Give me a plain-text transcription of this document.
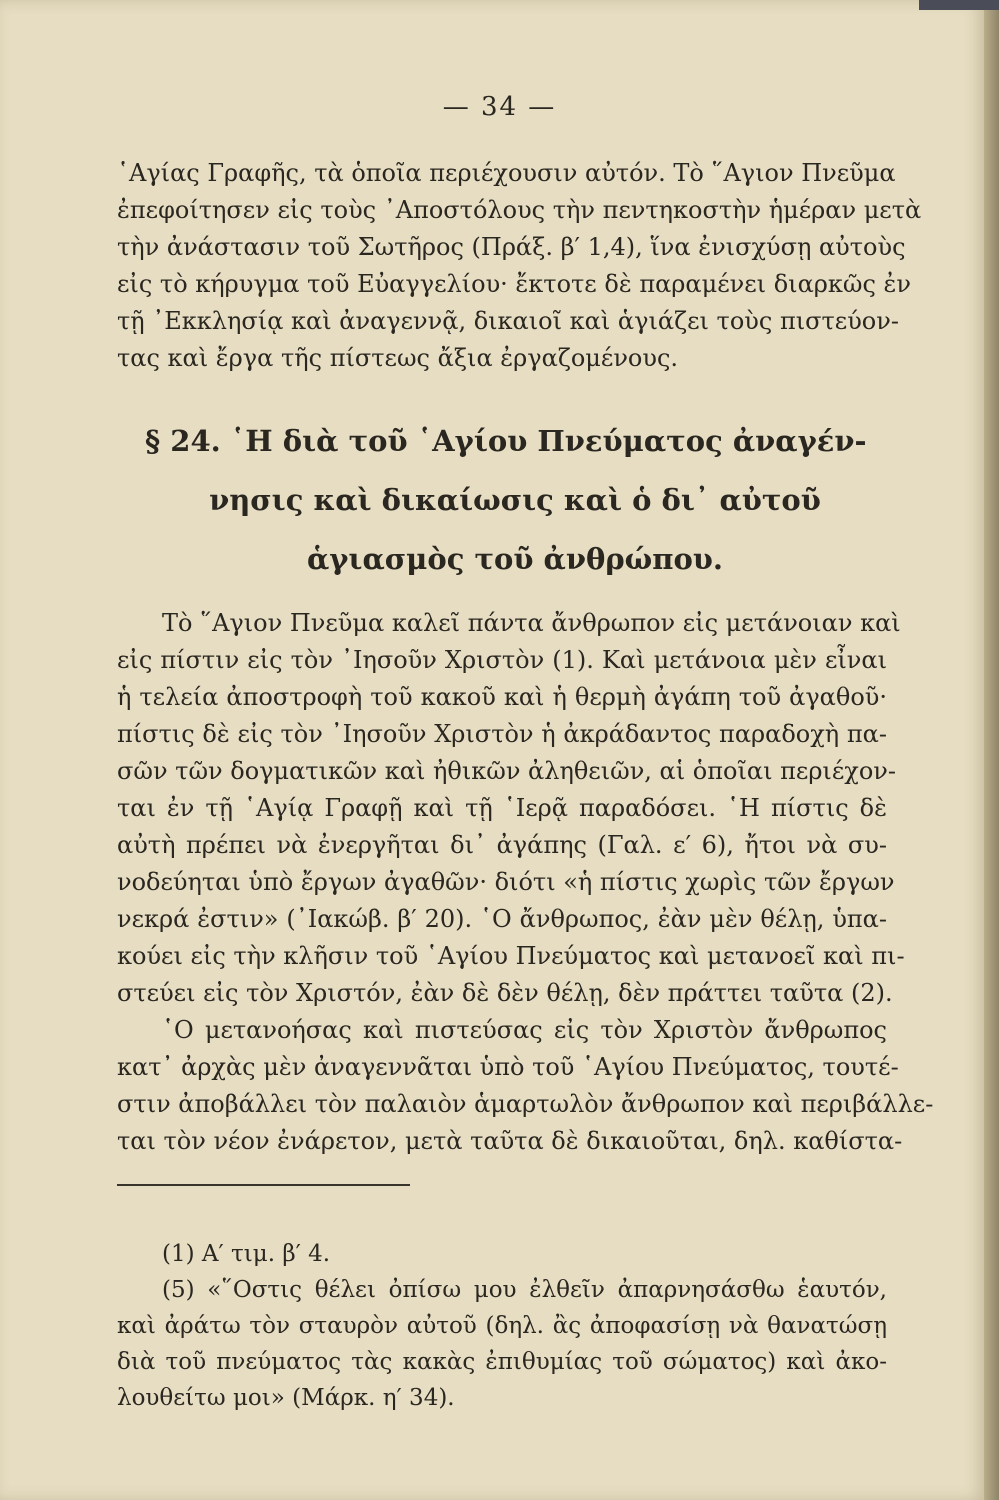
— 34 —
῾Αγίας Γραφῆς, τὰ ὁποῖα περιέχουσιν αὐτόν. Τὸ ῞Αγιον Πνεῦμα
ἐπεφοίτησεν εἰς τοὺς ᾿Αποστόλους τὴν πεντηκοστὴν ἡμέραν μετὰ
τὴν ἀνάστασιν τοῦ Σωτῆρος (Πράξ. β′ 1,4), ἵνα ἐνισχύσῃ αὐτοὺς
εἰς τὸ κήρυγμα τοῦ Εὐαγγελίου· ἔκτοτε δὲ παραμένει διαρκῶς ἐν
τῇ ᾿Εκκλησίᾳ καὶ ἀναγεννᾷ, δικαιοῖ καὶ ἁγιάζει τοὺς πιστεύον-
τας καὶ ἔργα τῆς πίστεως ἄξια ἐργαζομένους.
§ 24. ῾Η διὰ τοῦ ῾Αγίου Πνεύματος ἀναγέν-
νησις καὶ δικαίωσις καὶ ὁ δι᾽ αὐτοῦ
ἁγιασμὸς τοῦ ἀνθρώπου.
Τὸ ῞Αγιον Πνεῦμα καλεῖ πάντα ἄνθρωπον εἰς μετάνοιαν καὶ
εἰς πίστιν εἰς τὸν ᾿Ιησοῦν Χριστὸν (1). Καὶ μετάνοια μὲν εἶναι
ἡ τελεία ἀποστροφὴ τοῦ κακοῦ καὶ ἡ θερμὴ ἀγάπη τοῦ ἀγαθοῦ·
πίστις δὲ εἰς τὸν ᾿Ιησοῦν Χριστὸν ἡ ἀκράδαντος παραδοχὴ πα-
σῶν τῶν δογματικῶν καὶ ἠθικῶν ἀληθειῶν, αἱ ὁποῖαι περιέχον-
ται ἐν τῇ ῾Αγίᾳ Γραφῇ καὶ τῇ ῾Ιερᾷ παραδόσει. ῾Η πίστις δὲ
αὐτὴ πρέπει νὰ ἐνεργῆται δι᾽ ἀγάπης (Γαλ. ε′ 6), ἤτοι νὰ συ-
νοδεύηται ὑπὸ ἔργων ἀγαθῶν· διότι «ἡ πίστις χωρὶς τῶν ἔργων
νεκρά ἐστιν» (᾿Ιακώβ. β′ 20). ῾Ο ἄνθρωπος, ἐὰν μὲν θέλῃ, ὑπα-
κούει εἰς τὴν κλῆσιν τοῦ ῾Αγίου Πνεύματος καὶ μετανοεῖ καὶ πι-
στεύει εἰς τὸν Χριστόν, ἐὰν δὲ δὲν θέλῃ, δὲν πράττει ταῦτα (2).
῾Ο μετανοήσας καὶ πιστεύσας εἰς τὸν Χριστὸν ἄνθρωπος
κατ᾽ ἀρχὰς μὲν ἀναγεννᾶται ὑπὸ τοῦ ῾Αγίου Πνεύματος, τουτέ-
στιν ἀποβάλλει τὸν παλαιὸν ἁμαρτωλὸν ἄνθρωπον καὶ περιβάλλε-
ται τὸν νέον ἐνάρετον, μετὰ ταῦτα δὲ δικαιοῦται, δηλ. καθίστα-
(1) Α′ τιμ. β′ 4.
(5) «῞Οστις θέλει ὀπίσω μου ἐλθεῖν ἀπαρνησάσθω ἑαυτόν,
καὶ ἀράτω τὸν σταυρὸν αὐτοῦ (δηλ. ἂς ἀποφασίσῃ νὰ θανατώσῃ
διὰ τοῦ πνεύματος τὰς κακὰς ἐπιθυμίας τοῦ σώματος) καὶ ἀκο-
λουθείτω μοι» (Μάρκ. η′ 34).
